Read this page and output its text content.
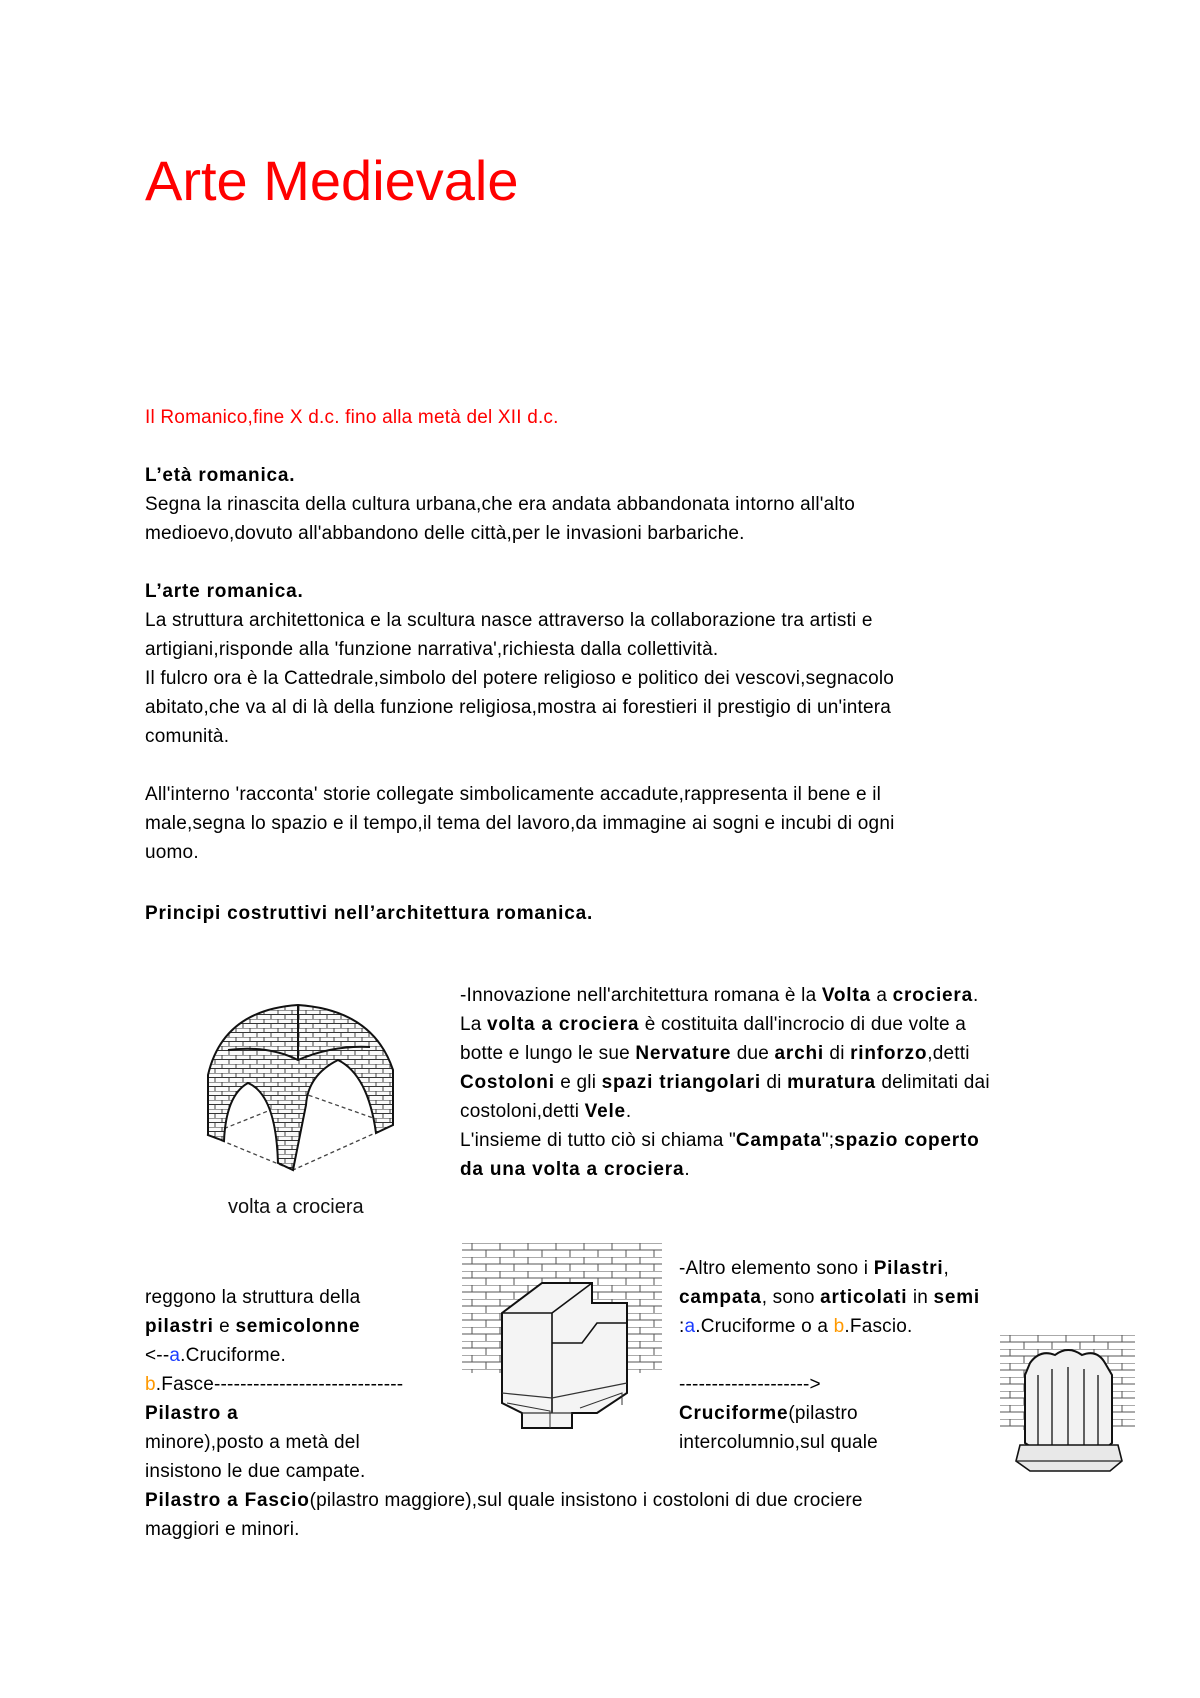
Arte Medievale
Il Romanico,fine X d.c. fino alla metà del XII d.c.

L’età romanica.

Segna la rinascita della cultura urbana,che era andata abbandonata intorno all'alto

medioevo,dovuto all'abbandono delle città,per le invasioni barbariche.

L’arte romanica.

La struttura architettonica e la scultura nasce attraverso la collaborazione tra artisti e

artigiani,risponde alla 'funzione narrativa',richiesta dalla collettività.

Il fulcro ora è la Cattedrale,simbolo del potere religioso e politico dei vescovi,segnacolo

abitato,che va al di là della funzione religiosa,mostra ai forestieri il prestigio di un'intera

comunità.

All'interno 'racconta' storie collegate simbolicamente accadute,rappresenta il bene e il

male,segna lo spazio e il tempo,il tema del lavoro,da immagine ai sogni e incubi di ogni

uomo.

Principi costruttivi nell’architettura romanica.
volta a crociera

-Innovazione nell'architettura romana è la Volta a crociera.

La volta a crociera è costituita dall'incrocio di due volte a

botte e lungo le sue Nervature due archi di rinforzo,detti

Costoloni e gli spazi triangolari di muratura delimitati dai

costoloni,detti Vele.

L'insieme di tutto ciò si chiama "Campata";spazio coperto

da una volta a crociera.

-Altro elemento sono i Pilastri,

campata, sono articolati in semi

:a.Cruciforme o a b.Fascio.

-------------------->

Cruciforme(pilastro

intercolumnio,sul quale

reggono la struttura della

pilastri e semicolonne

<--a.Cruciforme.

b.Fasce-----------------------------

Pilastro a

minore),posto a metà del

insistono le due campate.

Pilastro a Fascio(pilastro maggiore),sul quale insistono i costoloni di due crociere

maggiori e minori.
